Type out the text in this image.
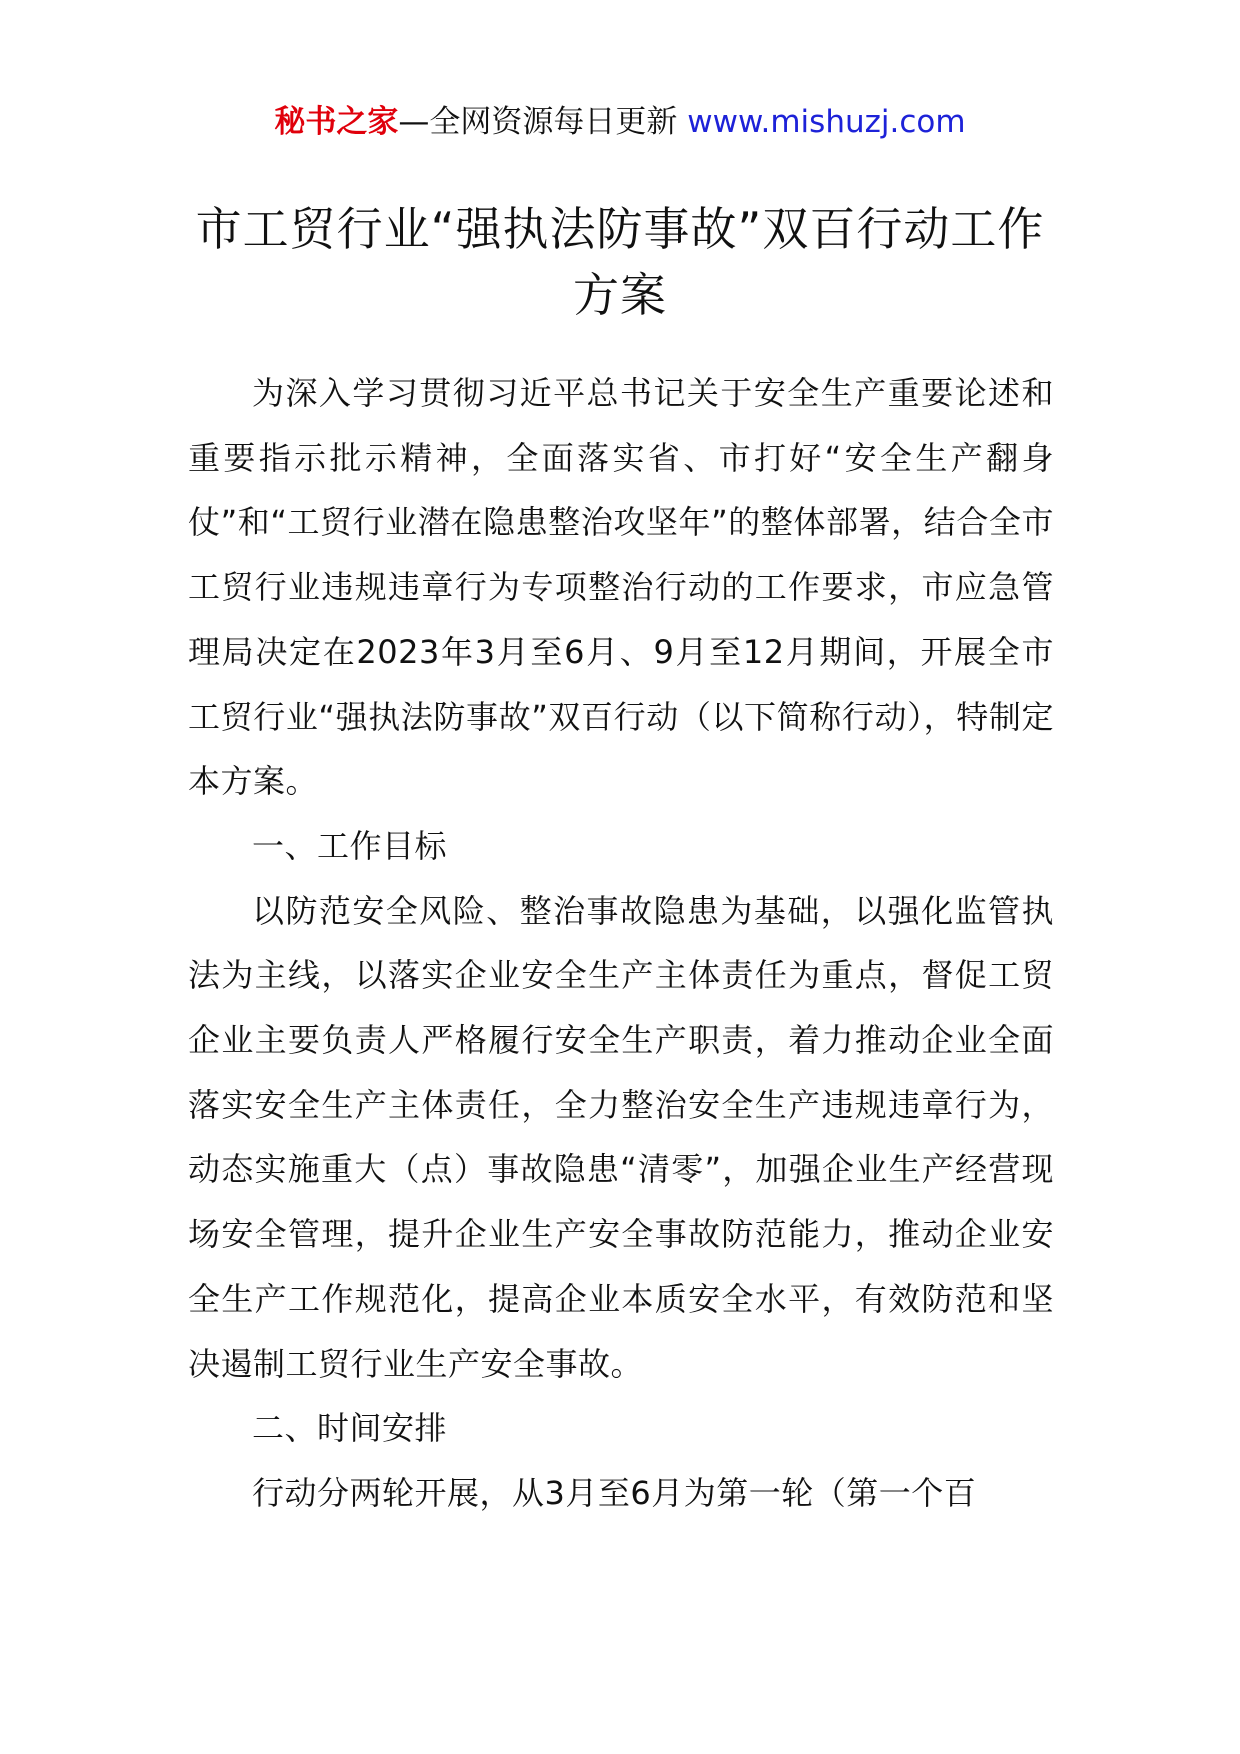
秘书之家—全网资源每日更新 www.mishuzj.com
市工贸行业“强执法防事故”双百行动工作方案

为深入学习贯彻习近平总书记关于安全生产重要论述和重要指示批示精神，全面落实省、市打好“安全生产翻身仗”和“工贸行业潜在隐患整治攻坚年”的整体部署，结合全市工贸行业违规违章行为专项整治行动的工作要求，市应急管理局决定在2023年3月至6月、9月至12月期间，开展全市工贸行业“强执法防事故”双百行动（以下简称行动），特制定本方案。

一、工作目标

以防范安全风险、整治事故隐患为基础，以强化监管执法为主线，以落实企业安全生产主体责任为重点，督促工贸企业主要负责人严格履行安全生产职责，着力推动企业全面落实安全生产主体责任，全力整治安全生产违规违章行为，动态实施重大（点）事故隐患“清零”，加强企业生产经营现场安全管理，提升企业生产安全事故防范能力，推动企业安全生产工作规范化，提高企业本质安全水平，有效防范和坚决遏制工贸行业生产安全事故。

二、时间安排

行动分两轮开展，从3月至6月为第一轮（第一个百
